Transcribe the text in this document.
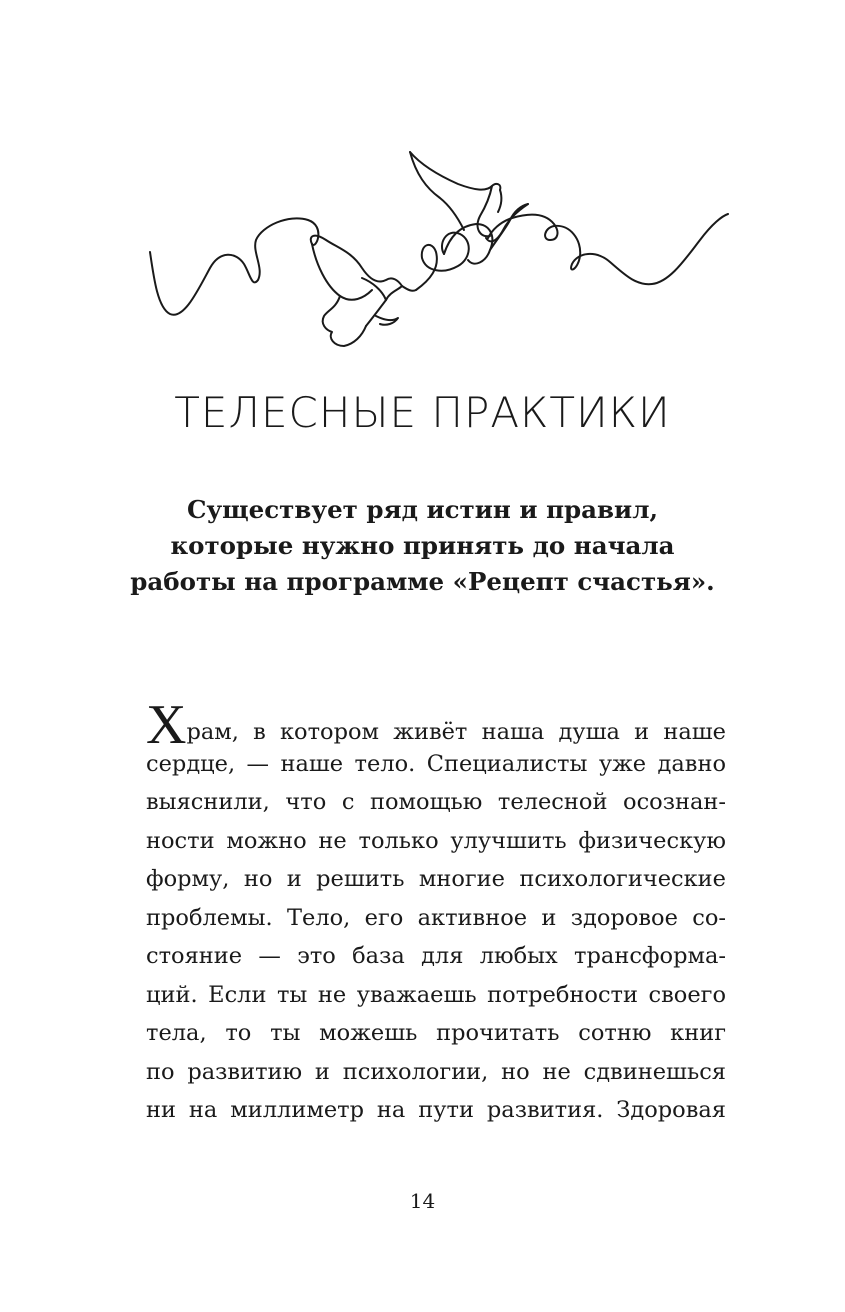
ТЕЛЕСНЫЕ ПРАКТИКИ
Существует ряд истин и правил,
которые нужно принять до начала
работы на программе «Рецепт счастья».
Храм, в котором живёт наша душа и наше
сердце, — наше тело. Специалисты уже давно
выяснили, что с помощью телесной осознан-
ности можно не только улучшить физическую
форму, но и решить многие психологические
проблемы. Тело, его активное и здоровое со-
стояние — это база для любых трансформа-
ций. Если ты не уважаешь потребности своего
тела, то ты можешь прочитать сотню книг
по развитию и психологии, но не сдвинешься
ни на миллиметр на пути развития. Здоровая
14
